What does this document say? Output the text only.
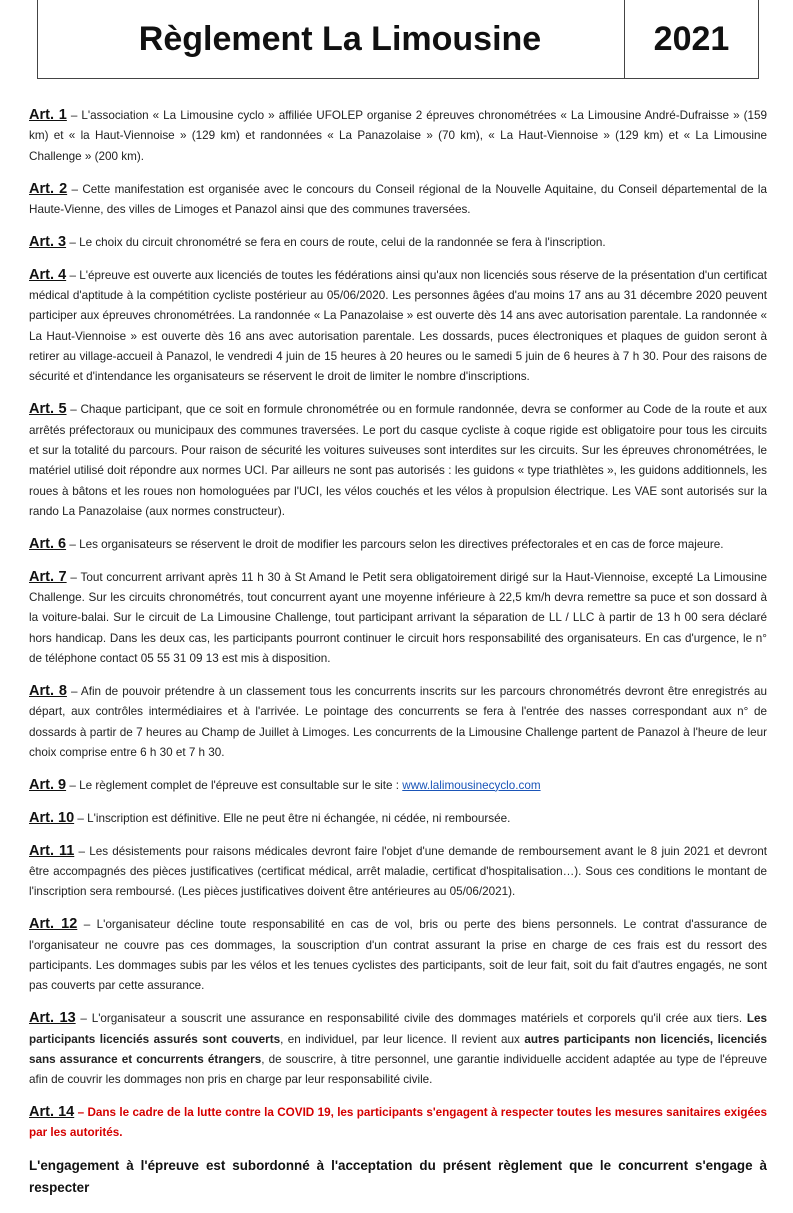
Règlement La Limousine	2021

Art. 1 – L'association « La Limousine cyclo » affiliée UFOLEP organise 2 épreuves chronométrées « La Limousine André-Dufraisse » (159 km) et « la Haut-Viennoise » (129 km) et randonnées « La Panazolaise » (70 km), « La Haut-Viennoise » (129 km) et « La Limousine Challenge » (200 km).

Art. 2 – Cette manifestation est organisée avec le concours du Conseil régional de la Nouvelle Aquitaine, du Conseil départemental de la Haute-Vienne, des villes de Limoges et Panazol ainsi que des communes traversées.

Art. 3 – Le choix du circuit chronométré se fera en cours de route, celui de la randonnée se fera à l'inscription.

Art. 4 – L'épreuve est ouverte aux licenciés de toutes les fédérations ainsi qu'aux non licenciés sous réserve de la présentation d'un certificat médical d'aptitude à la compétition cycliste postérieur au 05/06/2020. Les personnes âgées d'au moins 17 ans au 31 décembre 2020 peuvent participer aux épreuves chronométrées. La randonnée « La Panazolaise » est ouverte dès 14 ans avec autorisation parentale. La randonnée « La Haut-Viennoise » est ouverte dès 16 ans avec autorisation parentale. Les dossards, puces électroniques et plaques de guidon seront à retirer au village-accueil à Panazol, le vendredi 4 juin de 15 heures à 20 heures ou le samedi 5 juin de 6 heures à 7 h 30. Pour des raisons de sécurité et d'intendance les organisateurs se réservent le droit de limiter le nombre d'inscriptions.

Art. 5 – Chaque participant, que ce soit en formule chronométrée ou en formule randonnée, devra se conformer au Code de la route et aux arrêtés préfectoraux ou municipaux des communes traversées. Le port du casque cycliste à coque rigide est obligatoire pour tous les circuits et sur la totalité du parcours. Pour raison de sécurité les voitures suiveuses sont interdites sur les circuits. Sur les épreuves chronométrées, le matériel utilisé doit répondre aux normes UCI. Par ailleurs ne sont pas autorisés : les guidons « type triathlètes », les guidons additionnels, les roues à bâtons et les roues non homologuées par l'UCI, les vélos couchés et les vélos à propulsion électrique. Les VAE sont autorisés sur la rando La Panazolaise (aux normes constructeur).

Art. 6 – Les organisateurs se réservent le droit de modifier les parcours selon les directives préfectorales et en cas de force majeure.

Art. 7 – Tout concurrent arrivant après 11 h 30 à St Amand le Petit sera obligatoirement dirigé sur la Haut-Viennoise, excepté La Limousine Challenge. Sur les circuits chronométrés, tout concurrent ayant une moyenne inférieure à 22,5 km/h devra remettre sa puce et son dossard à la voiture-balai. Sur le circuit de La Limousine Challenge, tout participant arrivant la séparation de LL / LLC à partir de 13 h 00 sera déclaré hors handicap. Dans les deux cas, les participants pourront continuer le circuit hors responsabilité des organisateurs. En cas d'urgence, le n° de téléphone contact 05 55 31 09 13 est mis à disposition.

Art. 8 – Afin de pouvoir prétendre à un classement tous les concurrents inscrits sur les parcours chronométrés devront être enregistrés au départ, aux contrôles intermédiaires et à l'arrivée. Le pointage des concurrents se fera à l'entrée des nasses correspondant aux n° de dossards à partir de 7 heures au Champ de Juillet à Limoges. Les concurrents de la Limousine Challenge partent de Panazol à l'heure de leur choix comprise entre 6 h 30 et 7 h 30.

Art. 9 – Le règlement complet de l'épreuve est consultable sur le site : www.lalimousinecyclo.com

Art. 10 – L'inscription est définitive. Elle ne peut être ni échangée, ni cédée, ni remboursée.

Art. 11 – Les désistements pour raisons médicales devront faire l'objet d'une demande de remboursement avant le 8 juin 2021 et devront être accompagnés des pièces justificatives (certificat médical, arrêt maladie, certificat d'hospitalisation…). Sous ces conditions le montant de l'inscription sera remboursé. (Les pièces justificatives doivent être antérieures au 05/06/2021).

Art. 12 – L'organisateur décline toute responsabilité en cas de vol, bris ou perte des biens personnels. Le contrat d'assurance de l'organisateur ne couvre pas ces dommages, la souscription d'un contrat assurant la prise en charge de ces frais est du ressort des participants. Les dommages subis par les vélos et les tenues cyclistes des participants, soit de leur fait, soit du fait d'autres engagés, ne sont pas couverts par cette assurance.

Art. 13 – L'organisateur a souscrit une assurance en responsabilité civile des dommages matériels et corporels qu'il crée aux tiers. Les participants licenciés assurés sont couverts, en individuel, par leur licence. Il revient aux autres participants non licenciés, licenciés sans assurance et concurrents étrangers, de souscrire, à titre personnel, une garantie individuelle accident adaptée au type de l'épreuve afin de couvrir les dommages non pris en charge par leur responsabilité civile.

Art. 14 – Dans le cadre de la lutte contre la COVID 19, les participants s'engagent à respecter toutes les mesures sanitaires exigées par les autorités.

L'engagement à l'épreuve est subordonné à l'acceptation du présent règlement que le concurrent s'engage à respecter
